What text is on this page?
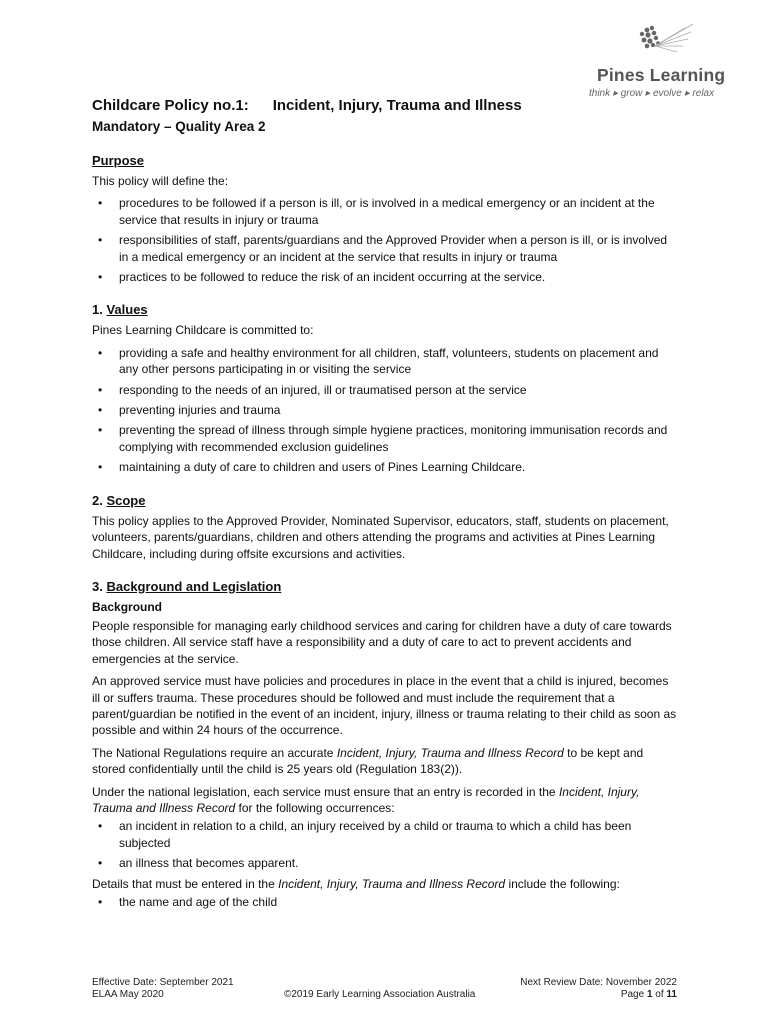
Pines Learning
think ▸ grow ▸ evolve ▸ relax
Childcare Policy no.1: Incident, Injury, Trauma and Illness
Mandatory – Quality Area 2
Purpose

This policy will define the:

• procedures to be followed if a person is ill, or is involved in a medical emergency or an incident at the service that results in injury or trauma
• responsibilities of staff, parents/guardians and the Approved Provider when a person is ill, or is involved in a medical emergency or an incident at the service that results in injury or trauma
• practices to be followed to reduce the risk of an incident occurring at the service.
1. Values

Pines Learning Childcare is committed to:

• providing a safe and healthy environment for all children, staff, volunteers, students on placement and any other persons participating in or visiting the service
• responding to the needs of an injured, ill or traumatised person at the service
• preventing injuries and trauma
• preventing the spread of illness through simple hygiene practices, monitoring immunisation records and complying with recommended exclusion guidelines
• maintaining a duty of care to children and users of Pines Learning Childcare.
2. Scope

This policy applies to the Approved Provider, Nominated Supervisor, educators, staff, students on placement, volunteers, parents/guardians, children and others attending the programs and activities at Pines Learning Childcare, including during offsite excursions and activities.

3. Background and Legislation
Background

People responsible for managing early childhood services and caring for children have a duty of care towards those children. All service staff have a responsibility and a duty of care to act to prevent accidents and emergencies at the service.

An approved service must have policies and procedures in place in the event that a child is injured, becomes ill or suffers trauma. These procedures should be followed and must include the requirement that a parent/guardian be notified in the event of an incident, injury, illness or trauma relating to their child as soon as possible and within 24 hours of the occurrence.

The National Regulations require an accurate Incident, Injury, Trauma and Illness Record to be kept and stored confidentially until the child is 25 years old (Regulation 183(2)).

Under the national legislation, each service must ensure that an entry is recorded in the Incident, Injury, Trauma and Illness Record for the following occurrences:

• an incident in relation to a child, an injury received by a child or trauma to which a child has been subjected
• an illness that becomes apparent.

Details that must be entered in the Incident, Injury, Trauma and Illness Record include the following:

• the name and age of the child
Effective Date: September 2021	Next Review Date: November 2022
ELAA May 2020	©2019 Early Learning Association Australia	Page 1 of 11
